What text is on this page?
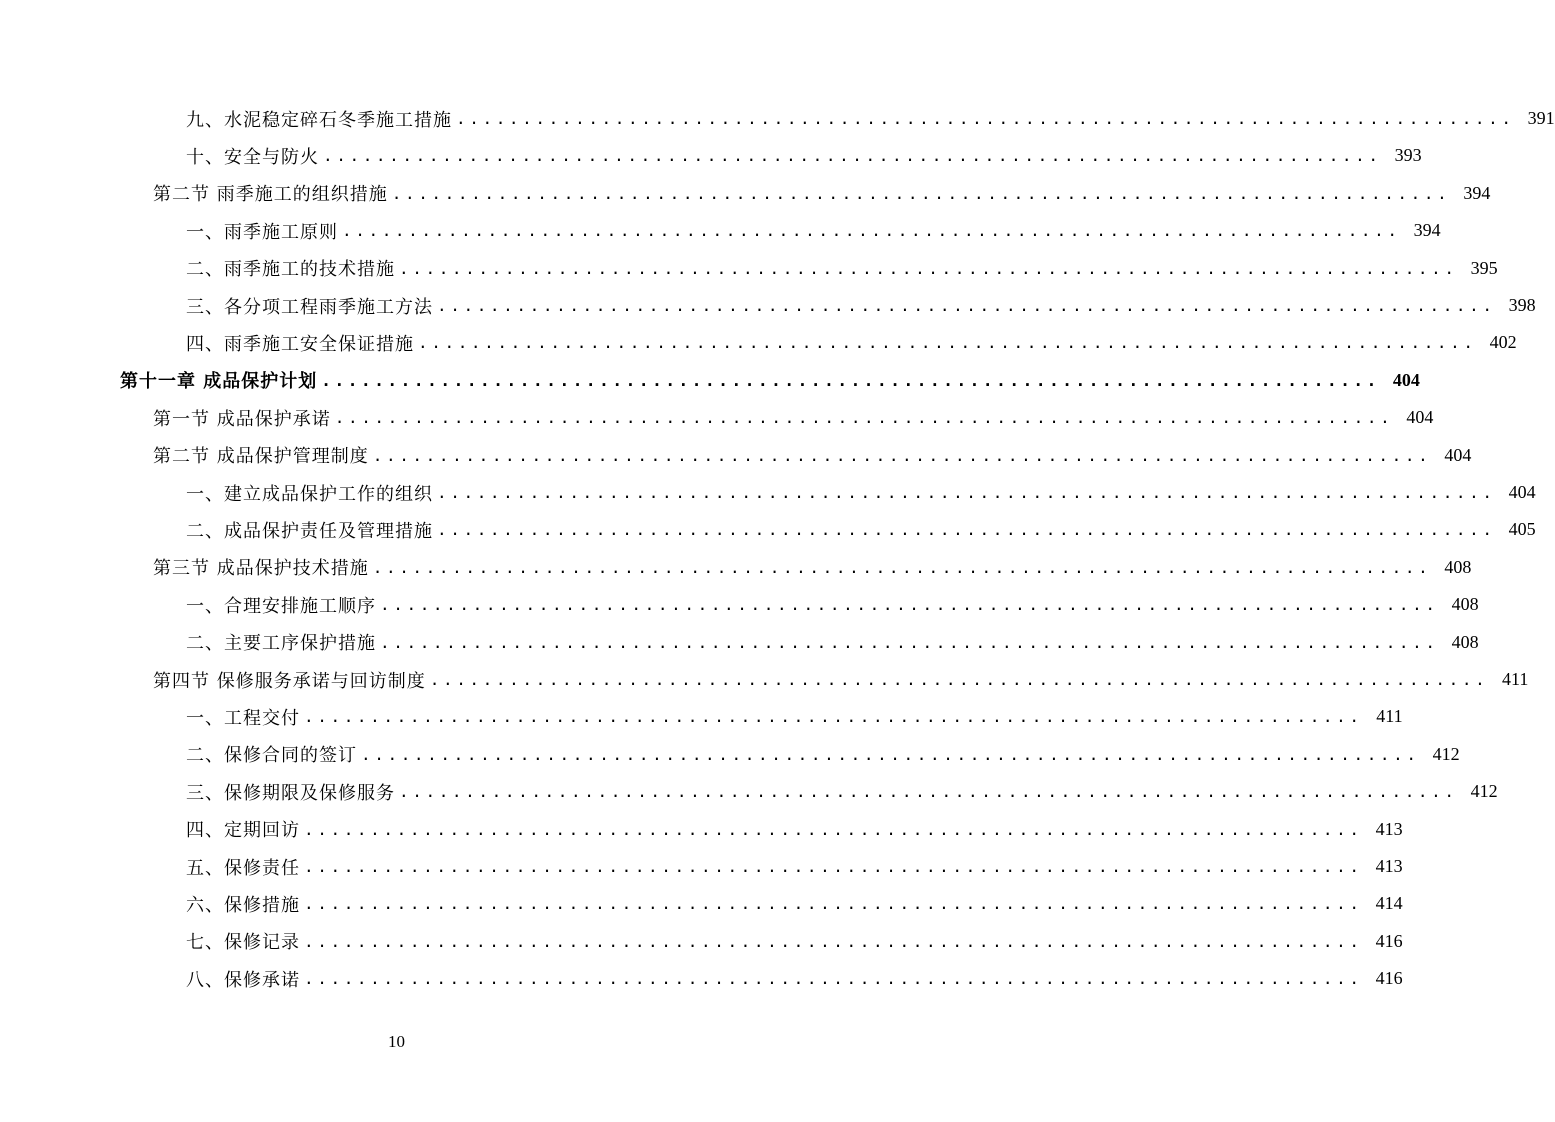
九、水泥稳定碎石冬季施工措施 ................................................................................ 391
十、安全与防火 ................................................................................ 393
第二节 雨季施工的组织措施 ................................................................................ 394
一、雨季施工原则 ................................................................................ 394
二、雨季施工的技术措施 ................................................................................ 395
三、各分项工程雨季施工方法 ................................................................................ 398
四、雨季施工安全保证措施 ................................................................................ 402
第十一章 成品保护计划 ................................................................................ 404
第一节 成品保护承诺 ................................................................................ 404
第二节 成品保护管理制度 ................................................................................ 404
一、建立成品保护工作的组织 ................................................................................ 404
二、成品保护责任及管理措施 ................................................................................ 405
第三节 成品保护技术措施 ................................................................................ 408
一、合理安排施工顺序 ................................................................................ 408
二、主要工序保护措施 ................................................................................ 408
第四节 保修服务承诺与回访制度 ................................................................................ 411
一、工程交付 ................................................................................ 411
二、保修合同的签订 ................................................................................ 412
三、保修期限及保修服务 ................................................................................ 412
四、定期回访 ................................................................................ 413
五、保修责任 ................................................................................ 413
六、保修措施 ................................................................................ 414
七、保修记录 ................................................................................ 416
八、保修承诺 ................................................................................ 416
10
